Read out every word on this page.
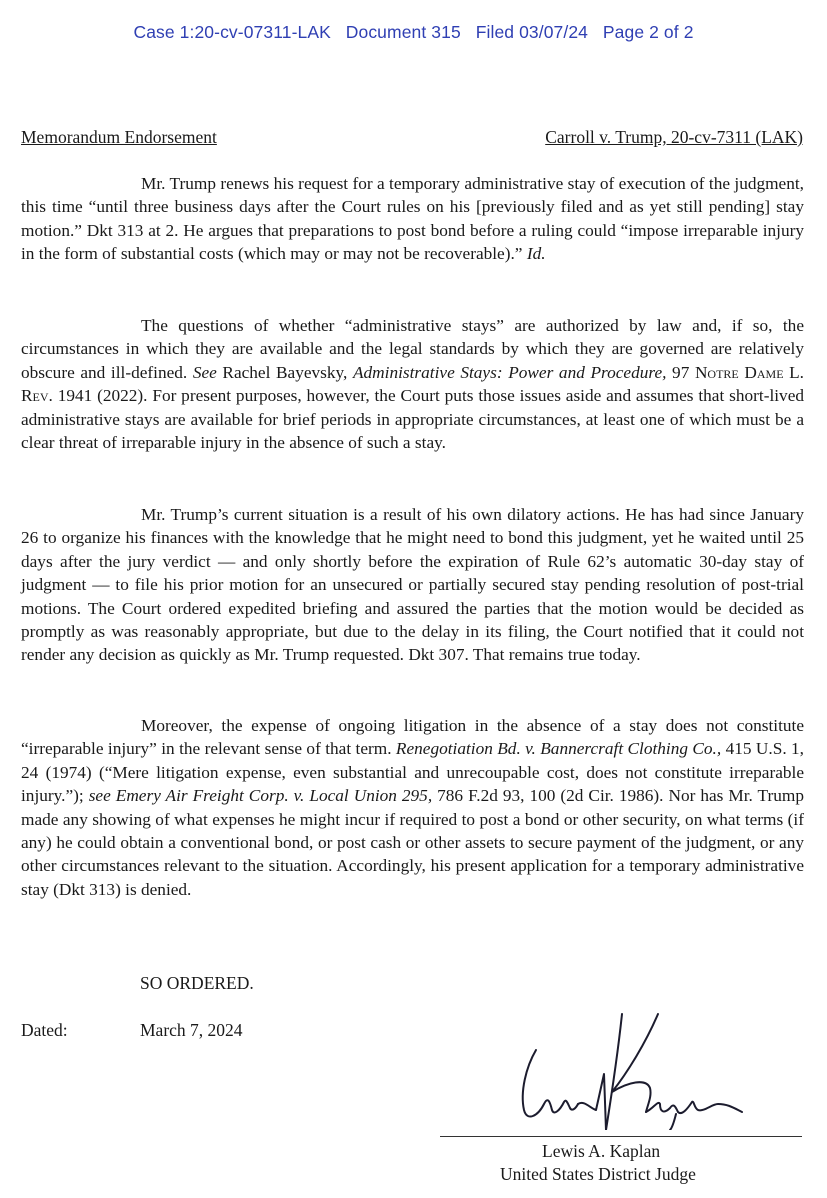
Case 1:20-cv-07311-LAK Document 315 Filed 03/07/24 Page 2 of 2
Memorandum Endorsement	Carroll v. Trump, 20-cv-7311 (LAK)

Mr. Trump renews his request for a temporary administrative stay of execution of the judgment, this time “until three business days after the Court rules on his [previously filed and as yet still pending] stay motion.” Dkt 313 at 2. He argues that preparations to post bond before a ruling could “impose irreparable injury in the form of substantial costs (which may or may not be recoverable).” Id.

The questions of whether “administrative stays” are authorized by law and, if so, the circumstances in which they are available and the legal standards by which they are governed are relatively obscure and ill-defined. See Rachel Bayevsky, Administrative Stays: Power and Procedure, 97 Notre Dame L. Rev. 1941 (2022). For present purposes, however, the Court puts those issues aside and assumes that short-lived administrative stays are available for brief periods in appropriate circumstances, at least one of which must be a clear threat of irreparable injury in the absence of such a stay.

Mr. Trump’s current situation is a result of his own dilatory actions. He has had since January 26 to organize his finances with the knowledge that he might need to bond this judgment, yet he waited until 25 days after the jury verdict — and only shortly before the expiration of Rule 62’s automatic 30-day stay of judgment — to file his prior motion for an unsecured or partially secured stay pending resolution of post-trial motions. The Court ordered expedited briefing and assured the parties that the motion would be decided as promptly as was reasonably appropriate, but due to the delay in its filing, the Court notified that it could not render any decision as quickly as Mr. Trump requested. Dkt 307. That remains true today.

Moreover, the expense of ongoing litigation in the absence of a stay does not constitute “irreparable injury” in the relevant sense of that term. Renegotiation Bd. v. Bannercraft Clothing Co., 415 U.S. 1, 24 (1974) (“Mere litigation expense, even substantial and unrecoupable cost, does not constitute irreparable injury.”); see Emery Air Freight Corp. v. Local Union 295, 786 F.2d 93, 100 (2d Cir. 1986). Nor has Mr. Trump made any showing of what expenses he might incur if required to post a bond or other security, on what terms (if any) he could obtain a conventional bond, or post cash or other assets to secure payment of the judgment, or any other circumstances relevant to the situation. Accordingly, his present application for a temporary administrative stay (Dkt 313) is denied.

SO ORDERED.
Dated:	March 7, 2024
Lewis A. Kaplan
United States District Judge
